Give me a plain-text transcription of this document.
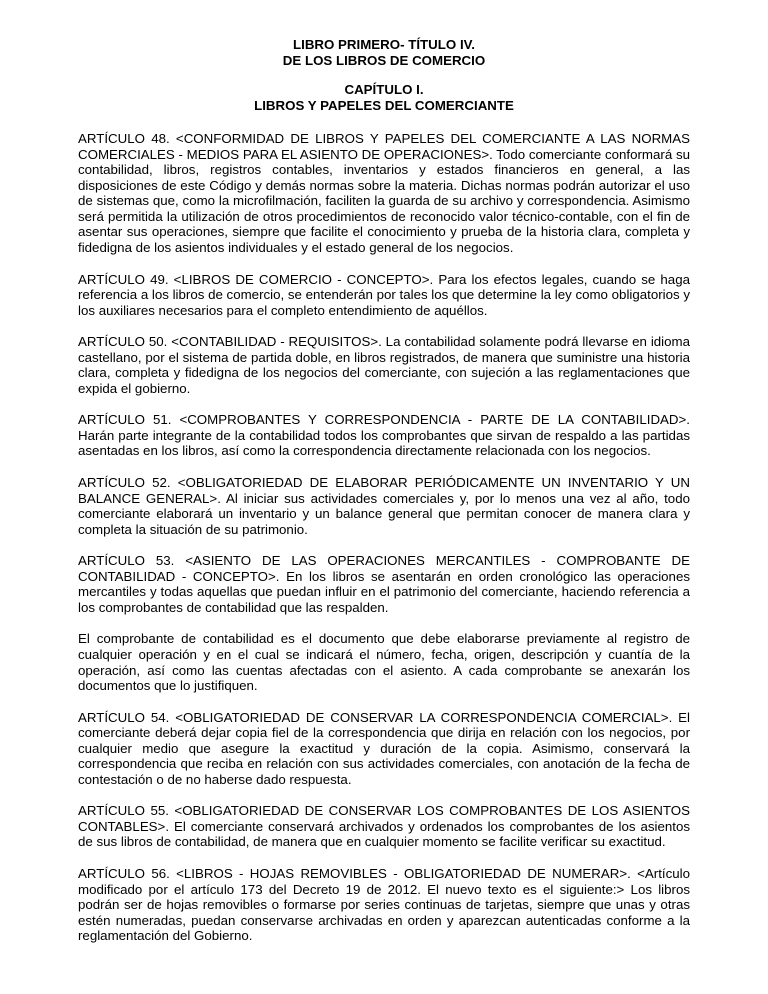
LIBRO PRIMERO- TÍTULO IV.

DE LOS LIBROS DE COMERCIO

CAPÍTULO I.

LIBROS Y PAPELES DEL COMERCIANTE

ARTÍCULO 48. <CONFORMIDAD DE LIBROS Y PAPELES DEL COMERCIANTE A LAS NORMAS COMERCIALES - MEDIOS PARA EL ASIENTO DE OPERACIONES>. Todo comerciante conformará su contabilidad, libros, registros contables, inventarios y estados financieros en general, a las disposiciones de este Código y demás normas sobre la materia. Dichas normas podrán autorizar el uso de sistemas que, como la microfilmación, faciliten la guarda de su archivo y correspondencia. Asimismo será permitida la utilización de otros procedimientos de reconocido valor técnico-contable, con el fin de asentar sus operaciones, siempre que facilite el conocimiento y prueba de la historia clara, completa y fidedigna de los asientos individuales y el estado general de los negocios.

ARTÍCULO 49. <LIBROS DE COMERCIO - CONCEPTO>. Para los efectos legales, cuando se haga referencia a los libros de comercio, se entenderán por tales los que determine la ley como obligatorios y los auxiliares necesarios para el completo entendimiento de aquéllos.

ARTÍCULO 50. <CONTABILIDAD - REQUISITOS>. La contabilidad solamente podrá llevarse en idioma castellano, por el sistema de partida doble, en libros registrados, de manera que suministre una historia clara, completa y fidedigna de los negocios del comerciante, con sujeción a las reglamentaciones que expida el gobierno.

ARTÍCULO 51. <COMPROBANTES Y CORRESPONDENCIA - PARTE DE LA CONTABILIDAD>. Harán parte integrante de la contabilidad todos los comprobantes que sirvan de respaldo a las partidas asentadas en los libros, así como la correspondencia directamente relacionada con los negocios.

ARTÍCULO 52. <OBLIGATORIEDAD DE ELABORAR PERIÓDICAMENTE UN INVENTARIO Y UN BALANCE GENERAL>. Al iniciar sus actividades comerciales y, por lo menos una vez al año, todo comerciante elaborará un inventario y un balance general que permitan conocer de manera clara y completa la situación de su patrimonio.

ARTÍCULO 53. <ASIENTO DE LAS OPERACIONES MERCANTILES - COMPROBANTE DE CONTABILIDAD - CONCEPTO>. En los libros se asentarán en orden cronológico las operaciones mercantiles y todas aquellas que puedan influir en el patrimonio del comerciante, haciendo referencia a los comprobantes de contabilidad que las respalden.

El comprobante de contabilidad es el documento que debe elaborarse previamente al registro de cualquier operación y en el cual se indicará el número, fecha, origen, descripción y cuantía de la operación, así como las cuentas afectadas con el asiento. A cada comprobante se anexarán los documentos que lo justifiquen.

ARTÍCULO 54. <OBLIGATORIEDAD DE CONSERVAR LA CORRESPONDENCIA COMERCIAL>. El comerciante deberá dejar copia fiel de la correspondencia que dirija en relación con los negocios, por cualquier medio que asegure la exactitud y duración de la copia. Asimismo, conservará la correspondencia que reciba en relación con sus actividades comerciales, con anotación de la fecha de contestación o de no haberse dado respuesta.

ARTÍCULO 55. <OBLIGATORIEDAD DE CONSERVAR LOS COMPROBANTES DE LOS ASIENTOS CONTABLES>. El comerciante conservará archivados y ordenados los comprobantes de los asientos de sus libros de contabilidad, de manera que en cualquier momento se facilite verificar su exactitud.

ARTÍCULO 56. <LIBROS - HOJAS REMOVIBLES - OBLIGATORIEDAD DE NUMERAR>. <Artículo modificado por el artículo 173 del Decreto 19 de 2012. El nuevo texto es el siguiente:> Los libros podrán ser de hojas removibles o formarse por series continuas de tarjetas, siempre que unas y otras estén numeradas, puedan conservarse archivadas en orden y aparezcan autenticadas conforme a la reglamentación del Gobierno.
